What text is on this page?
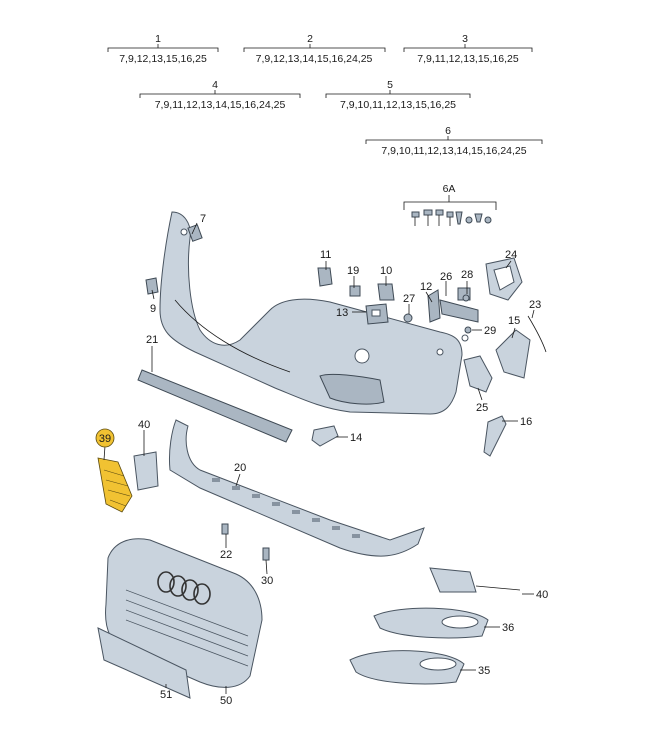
1
7,9,12,13,15,16,25
2
7,9,12,13,14,15,16,24,25
3
7,9,11,12,13,15,16,25
4
7,9,11,12,13,14,15,16,24,25
5
7,9,10,11,12,13,15,16,25
6
7,9,10,11,12,13,14,15,16,24,25
6A
7
9
11
19 10	26 28
24
12
27
13
29
15
23
21
25
16
40
39	14
20
22
30
40
36
35
51	50
